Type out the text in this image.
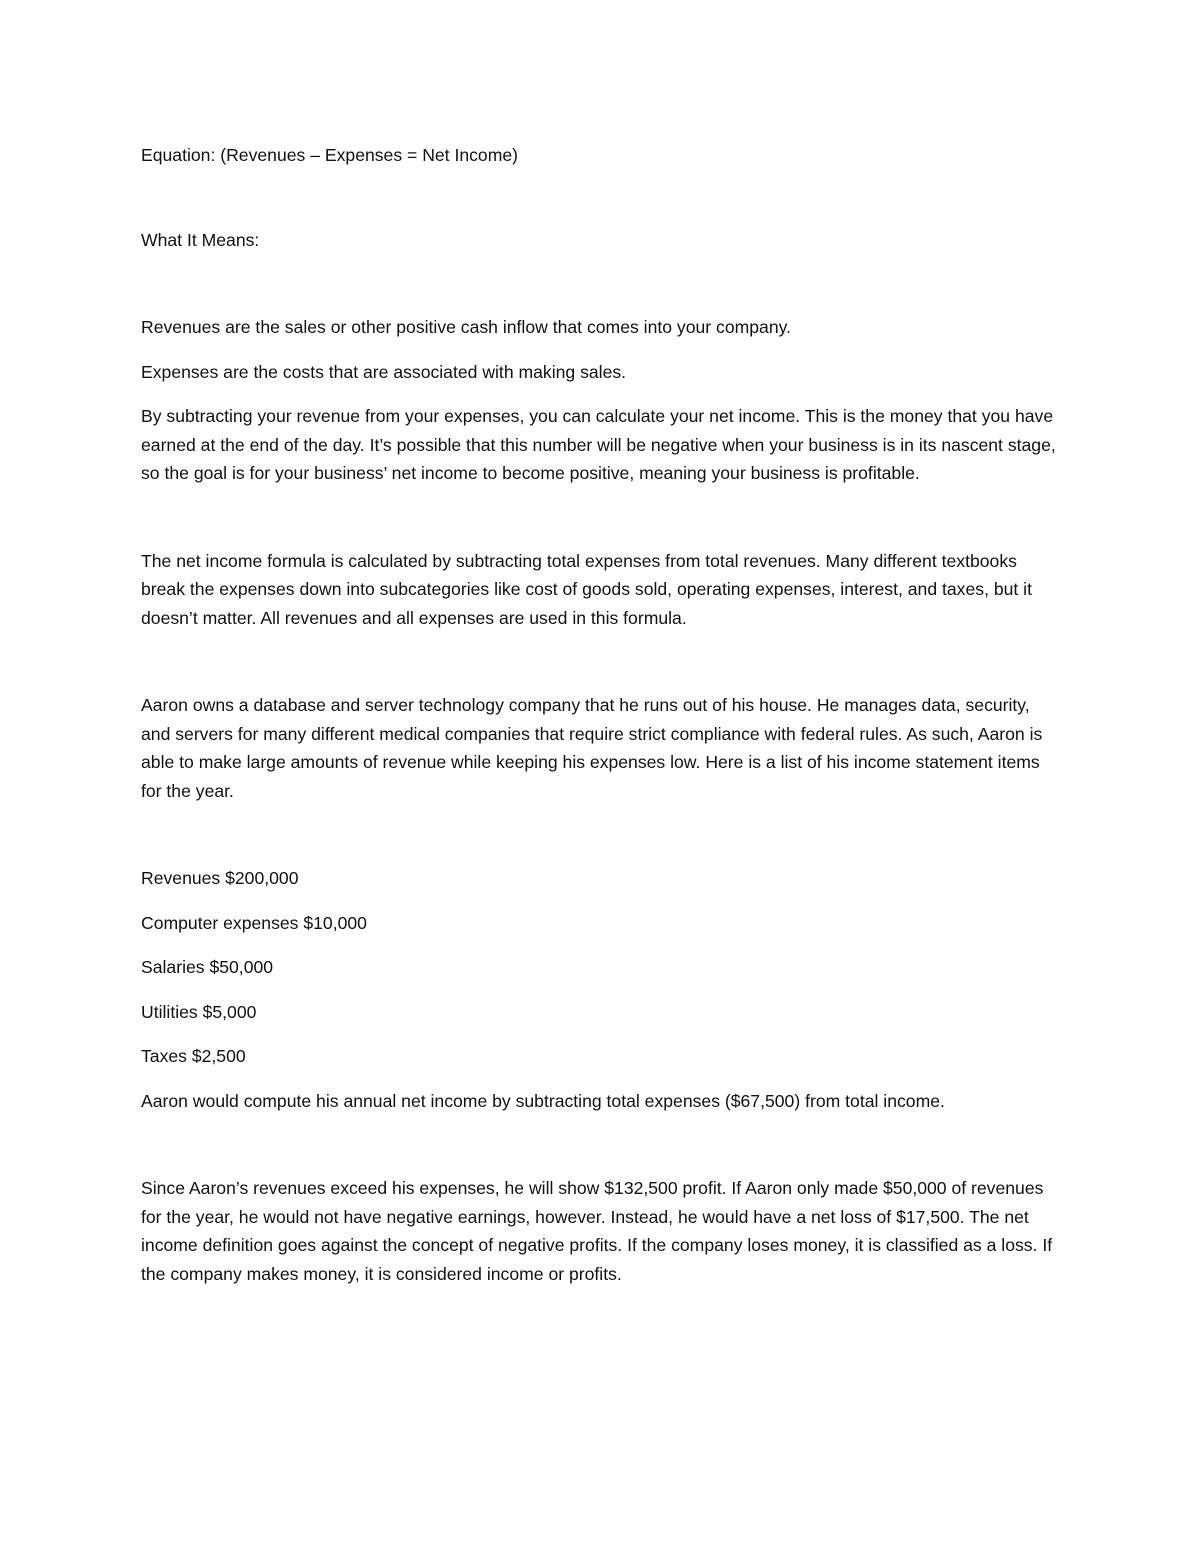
Equation: (Revenues – Expenses = Net Income)

What It Means:

Revenues are the sales or other positive cash inflow that comes into your company.

Expenses are the costs that are associated with making sales.

By subtracting your revenue from your expenses, you can calculate your net income. This is the money that you have earned at the end of the day. It’s possible that this number will be negative when your business is in its nascent stage, so the goal is for your business’ net income to become positive, meaning your business is profitable.

The net income formula is calculated by subtracting total expenses from total revenues. Many different textbooks break the expenses down into subcategories like cost of goods sold, operating expenses, interest, and taxes, but it doesn’t matter. All revenues and all expenses are used in this formula.

Aaron owns a database and server technology company that he runs out of his house. He manages data, security, and servers for many different medical companies that require strict compliance with federal rules. As such, Aaron is able to make large amounts of revenue while keeping his expenses low. Here is a list of his income statement items for the year.

Revenues $200,000

Computer expenses $10,000

Salaries $50,000

Utilities $5,000

Taxes $2,500

Aaron would compute his annual net income by subtracting total expenses ($67,500) from total income.

Since Aaron’s revenues exceed his expenses, he will show $132,500 profit. If Aaron only made $50,000 of revenues for the year, he would not have negative earnings, however. Instead, he would have a net loss of $17,500. The net income definition goes against the concept of negative profits. If the company loses money, it is classified as a loss. If the company makes money, it is considered income or profits.
